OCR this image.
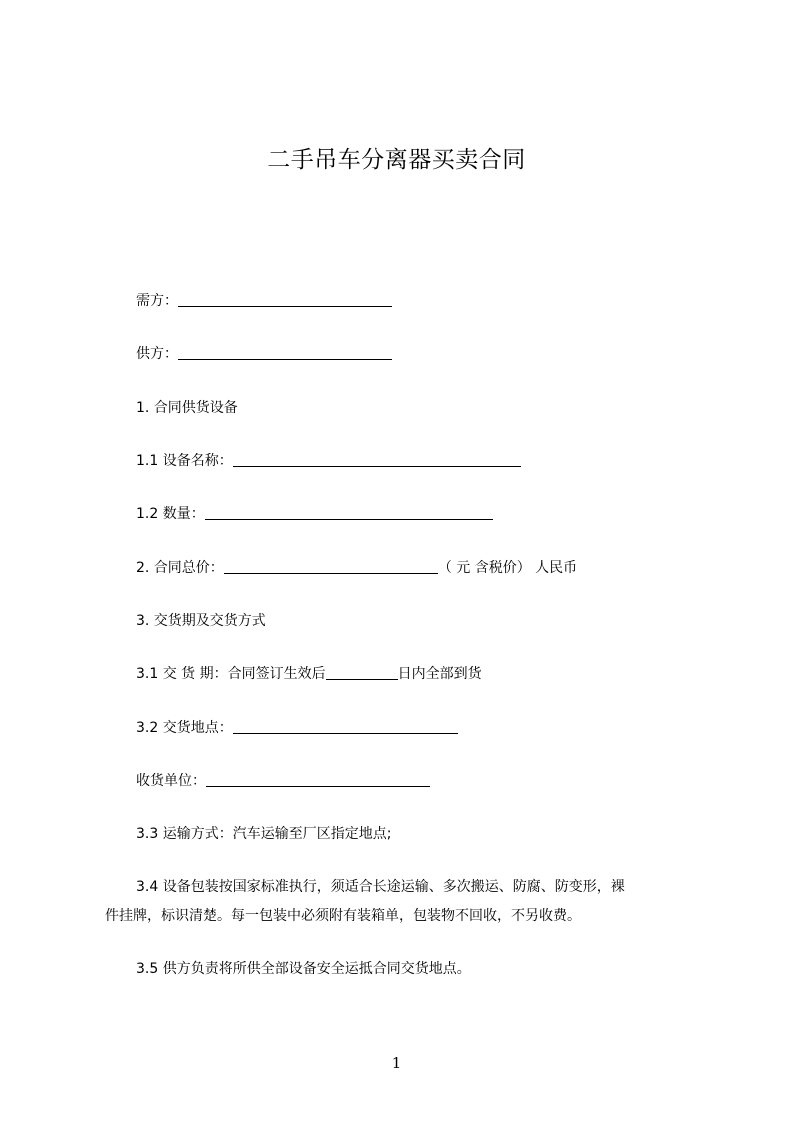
二手吊车分离器买卖合同
需方：
供方：
1. 合同供货设备
1.1 设备名称：
1.2 数量：
2. 合同总价：	（ 元 含税价） 人民币
3. 交货期及交货方式
3.1 交 货 期：合同签订生效后	日内全部到货
3.2 交货地点：
收货单位：
3.3 运输方式：汽车运输至厂区指定地点;
3.4 设备包装按国家标准执行，须适合长途运输、多次搬运、防腐、防变形，裸
件挂牌，标识清楚。每一包装中必须附有装箱单，包装物不回收，不另收费。
3.5 供方负责将所供全部设备安全运抵合同交货地点。
1
